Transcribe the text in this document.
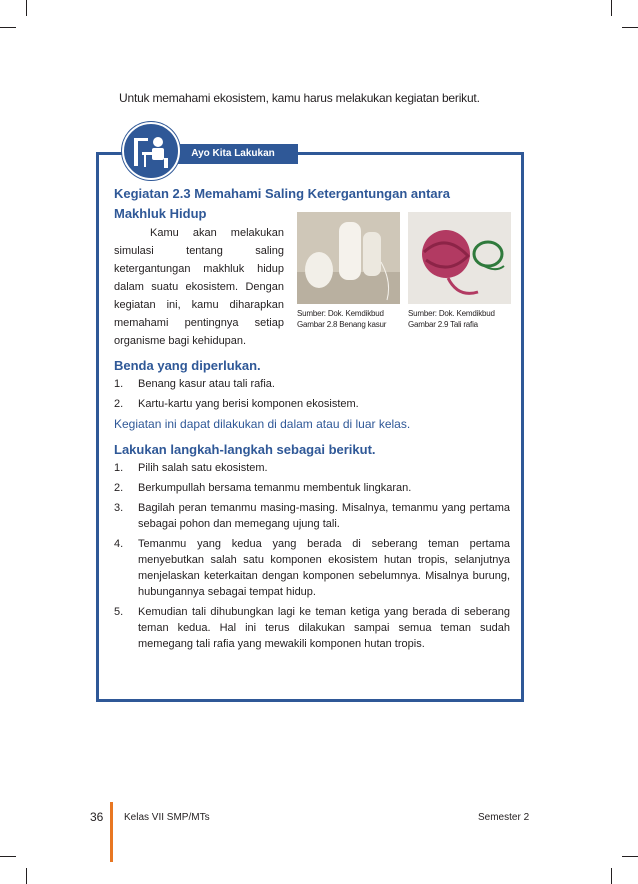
Untuk memahami ekosistem, kamu harus melakukan kegiatan berikut.
Ayo Kita Lakukan
Kegiatan 2.3 Memahami Saling Ketergantungan antara
Makhluk Hidup

Kamu akan melakukan simulasi tentang saling ketergantungan makhluk hidup dalam suatu ekosistem. Dengan kegiatan ini, kamu diharapkan memahami pentingnya setiap organisme bagi kehidupan.

Benda yang diperlukan.
1. Benang kasur atau tali rafia.
2. Kartu-kartu yang berisi komponen ekosistem.
Kegiatan ini dapat dilakukan di dalam atau di luar kelas.
Lakukan langkah-langkah sebagai berikut.
1. Pilih salah satu ekosistem.
2. Berkumpullah bersama temanmu membentuk lingkaran.
3. Bagilah peran temanmu masing-masing. Misalnya, temanmu yang pertama sebagai pohon dan memegang ujung tali.
4. Temanmu yang kedua yang berada di seberang teman pertama menyebutkan salah satu komponen ekosistem hutan tropis, selanjutnya menjelaskan keterkaitan dengan komponen sebelumnya. Misalnya burung, hubungannya sebagai tempat hidup.
5. Kemudian tali dihubungkan lagi ke teman ketiga yang berada di seberang teman kedua. Hal ini terus dilakukan sampai semua teman sudah memegang tali rafia yang mewakili komponen hutan tropis.
Sumber: Dok. Kemdikbud
Gambar 2.8 Benang kasur
Sumber: Dok. Kemdikbud
Gambar 2.9 Tali rafia
36 Kelas VII SMP/MTs	Semester 2
